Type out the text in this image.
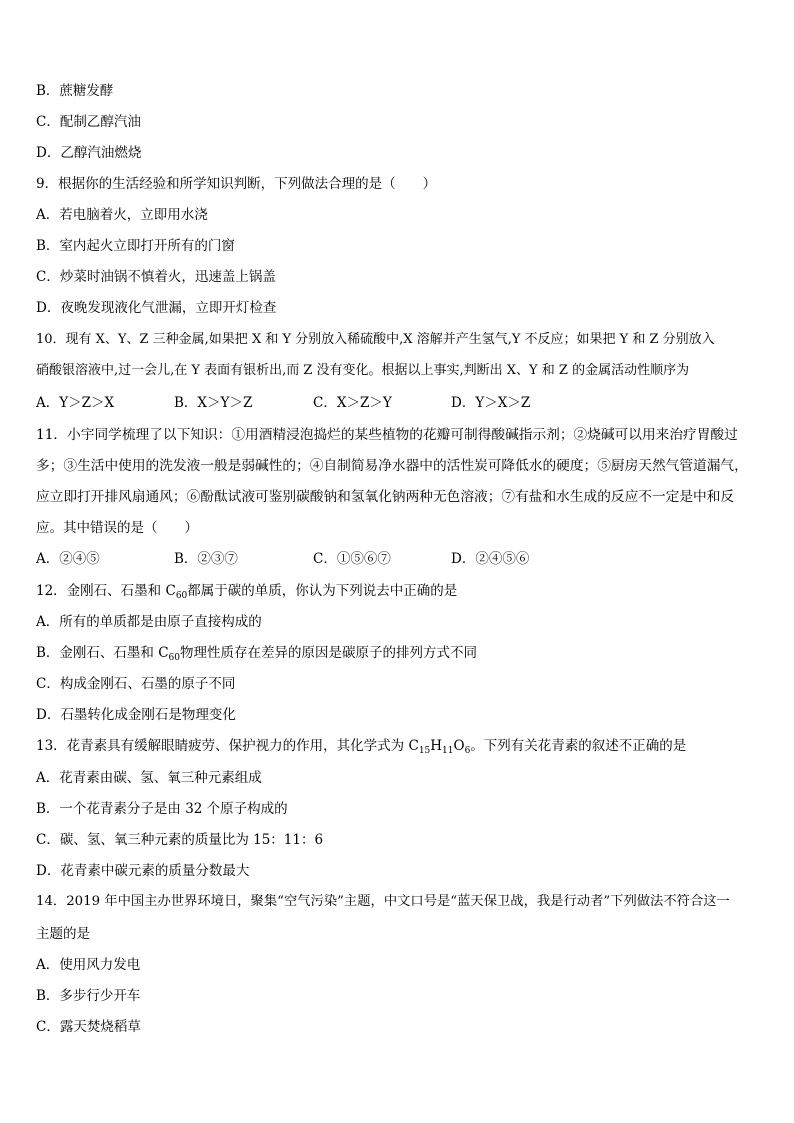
B．蔗糖发酵
C．配制乙醇汽油
D．乙醇汽油燃烧
9．根据你的生活经验和所学知识判断，下列做法合理的是（　　）
A．若电脑着火，立即用水浇
B．室内起火立即打开所有的门窗
C．炒菜时油锅不慎着火，迅速盖上锅盖
D．夜晚发现液化气泄漏，立即开灯检查
10．现有 X、Y、Z 三种金属,如果把 X 和 Y 分别放入稀硫酸中,X 溶解并产生氢气,Y 不反应；如果把 Y 和 Z 分别放入
硝酸银溶液中,过一会儿,在 Y 表面有银析出,而 Z 没有变化。根据以上事实,判断出 X、Y 和 Z 的金属活动性顺序为
A．Y＞Z＞X	B．X＞Y＞Z	C．X＞Z＞Y	D．Y＞X＞Z
11．小宇同学梳理了以下知识：①用酒精浸泡捣烂的某些植物的花瓣可制得酸碱指示剂；②烧碱可以用来治疗胃酸过
多；③生活中使用的洗发液一般是弱碱性的；④自制简易净水器中的活性炭可降低水的硬度；⑤厨房天然气管道漏气，
应立即打开排风扇通风；⑥酚酞试液可鉴别碳酸钠和氢氧化钠两种无色溶液；⑦有盐和水生成的反应不一定是中和反
应。其中错误的是（　　）
A．②④⑤	B．②③⑦	C．①⑤⑥⑦	D．②④⑤⑥
12．金刚石、石墨和 $C_{60}$都属于碳的单质，你认为下列说去中正确的是
A．所有的单质都是由原子直接构成的
B．金刚石、石墨和 $C_{60}$物理性质存在差异的原因是碳原子的排列方式不同
C．构成金刚石、石墨的原子不同
D．石墨转化成金刚石是物理变化
13．花青素具有缓解眼睛疲劳、保护视力的作用，其化学式为 $C_{15}H_{11}O_6$。下列有关花青素的叙述不正确的是
A．花青素由碳、氢、氧三种元素组成
B．一个花青素分子是由 32 个原子构成的
C．碳、氢、氧三种元素的质量比为 15：11：6
D．花青素中碳元素的质量分数最大
14．2019 年中国主办世界环境日，聚集“空气污染”主题，中文口号是“蓝天保卫战，我是行动者”下列做法不符合这一
主题的是
A．使用风力发电
B．多步行少开车
C．露天焚烧稻草
